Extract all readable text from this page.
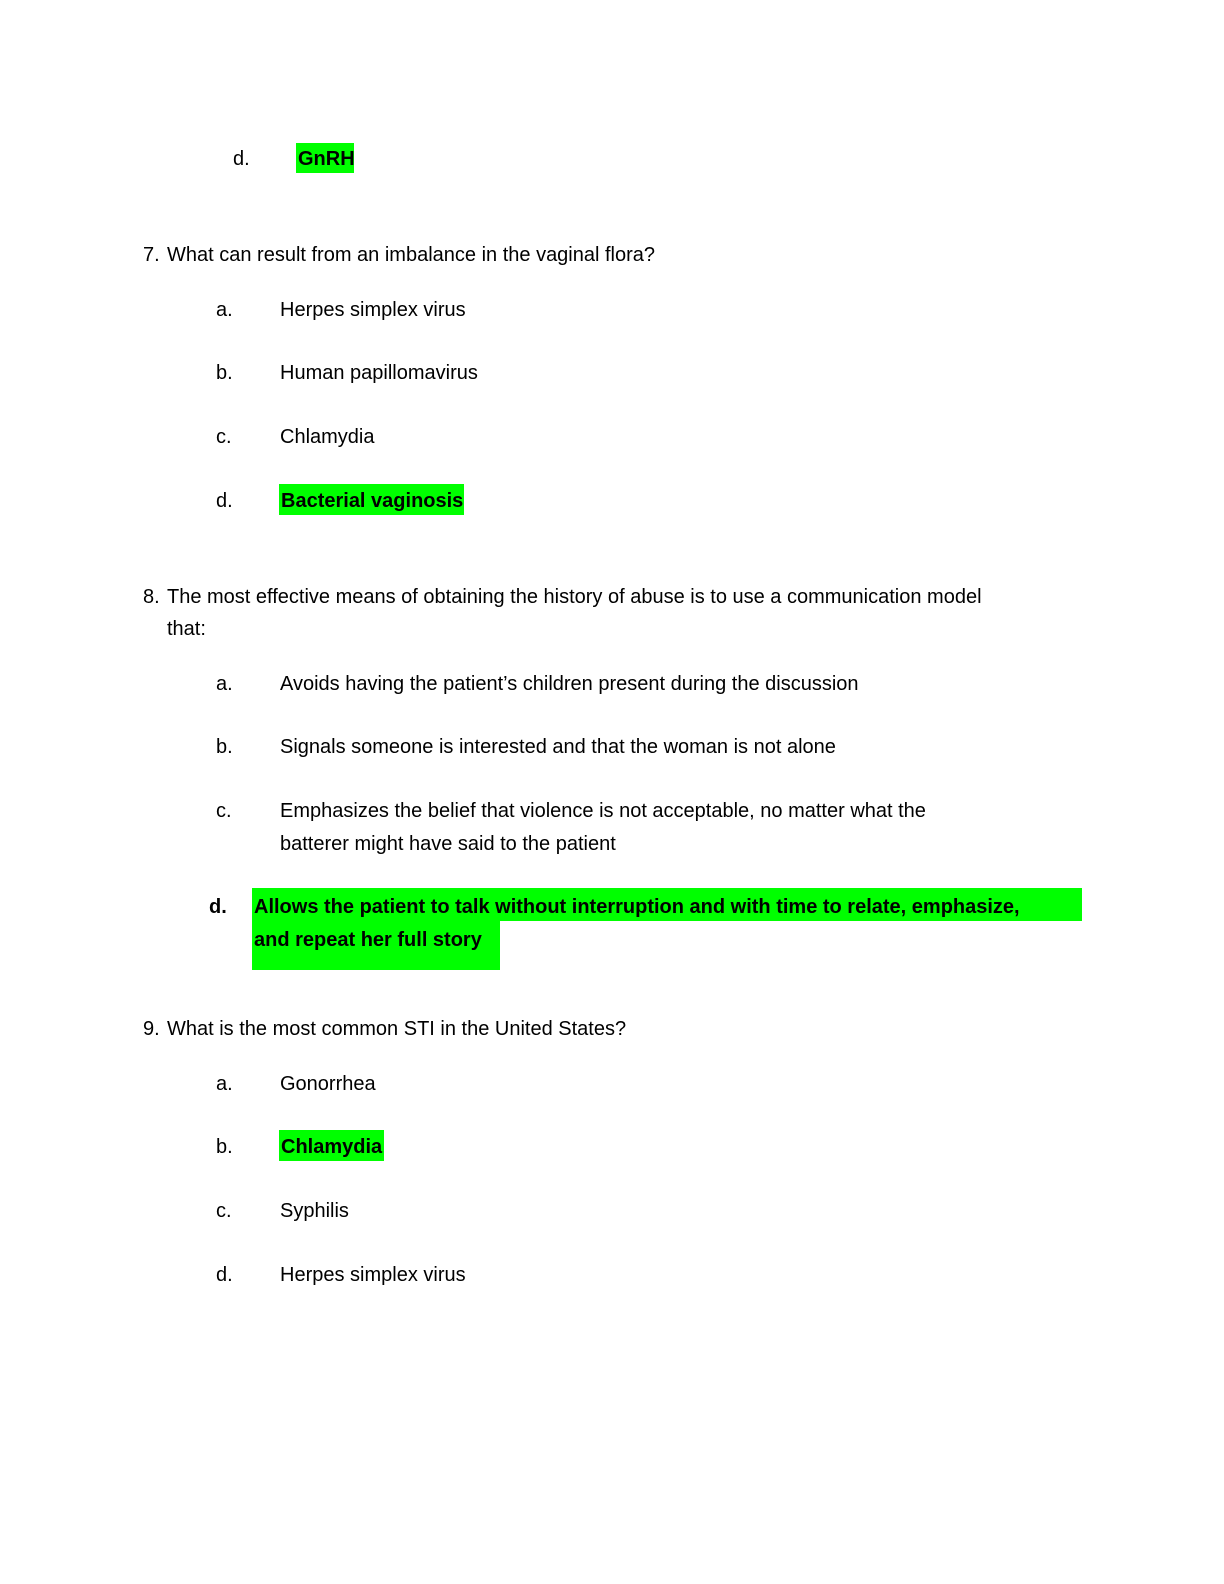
d. GnRH
7. What can result from an imbalance in the vaginal flora?
a. Herpes simplex virus
b. Human papillomavirus
c. Chlamydia
d. Bacterial vaginosis
8. The most effective means of obtaining the history of abuse is to use a communication model
that:
a. Avoids having the patient’s children present during the discussion
b. Signals someone is interested and that the woman is not alone
c. Emphasizes the belief that violence is not acceptable, no matter what the
batterer might have said to the patient
d. Allows the patient to talk without interruption and with time to relate, emphasize,
and repeat her full story
9. What is the most common STI in the United States?
a. Gonorrhea
b. Chlamydia
c. Syphilis
d. Herpes simplex virus
